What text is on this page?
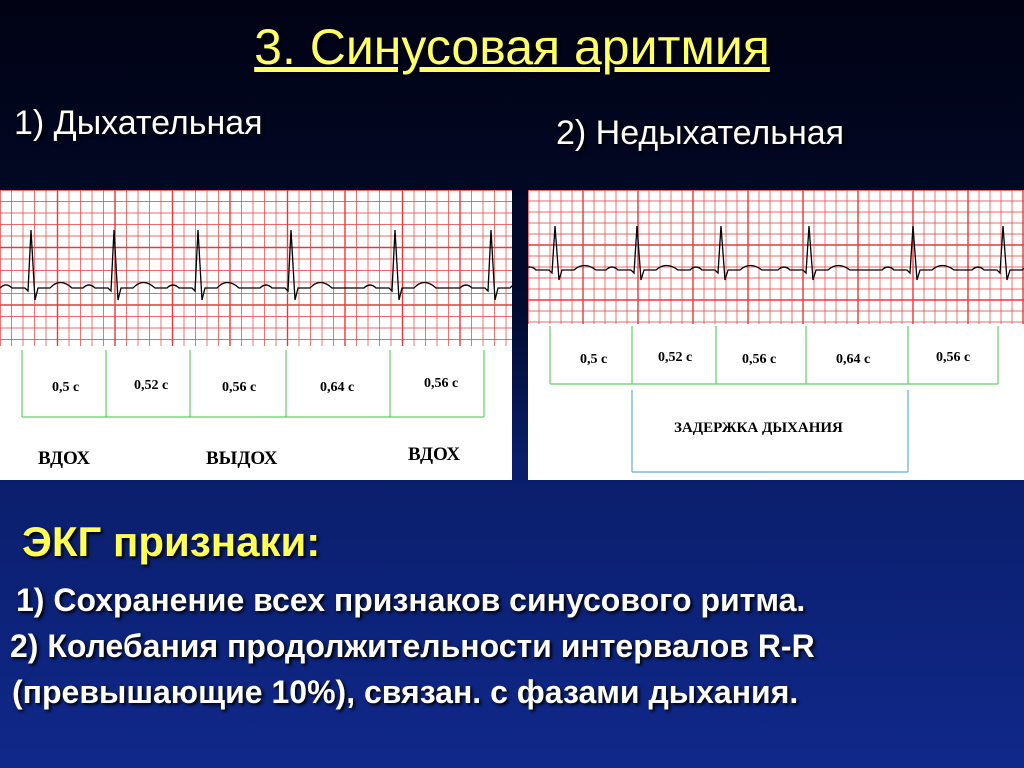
3. Синусовая аритмия
1) Дыхательная	2) Недыхательная
0,5 с	0,52 с	0,56 с	0,64 с	0,56 с
ВДОХ	ВЫДОХ	ВДОХ
0,5 с	0,52 с	0,56 с	0,64 с	0,56 с
ЗАДЕРЖКА ДЫХАНИЯ
ЭКГ признаки:
1) Сохранение всех признаков синусового ритма.
2) Колебания продолжительности интервалов R-R
(превышающие 10%), связан. с фазами дыхания.
